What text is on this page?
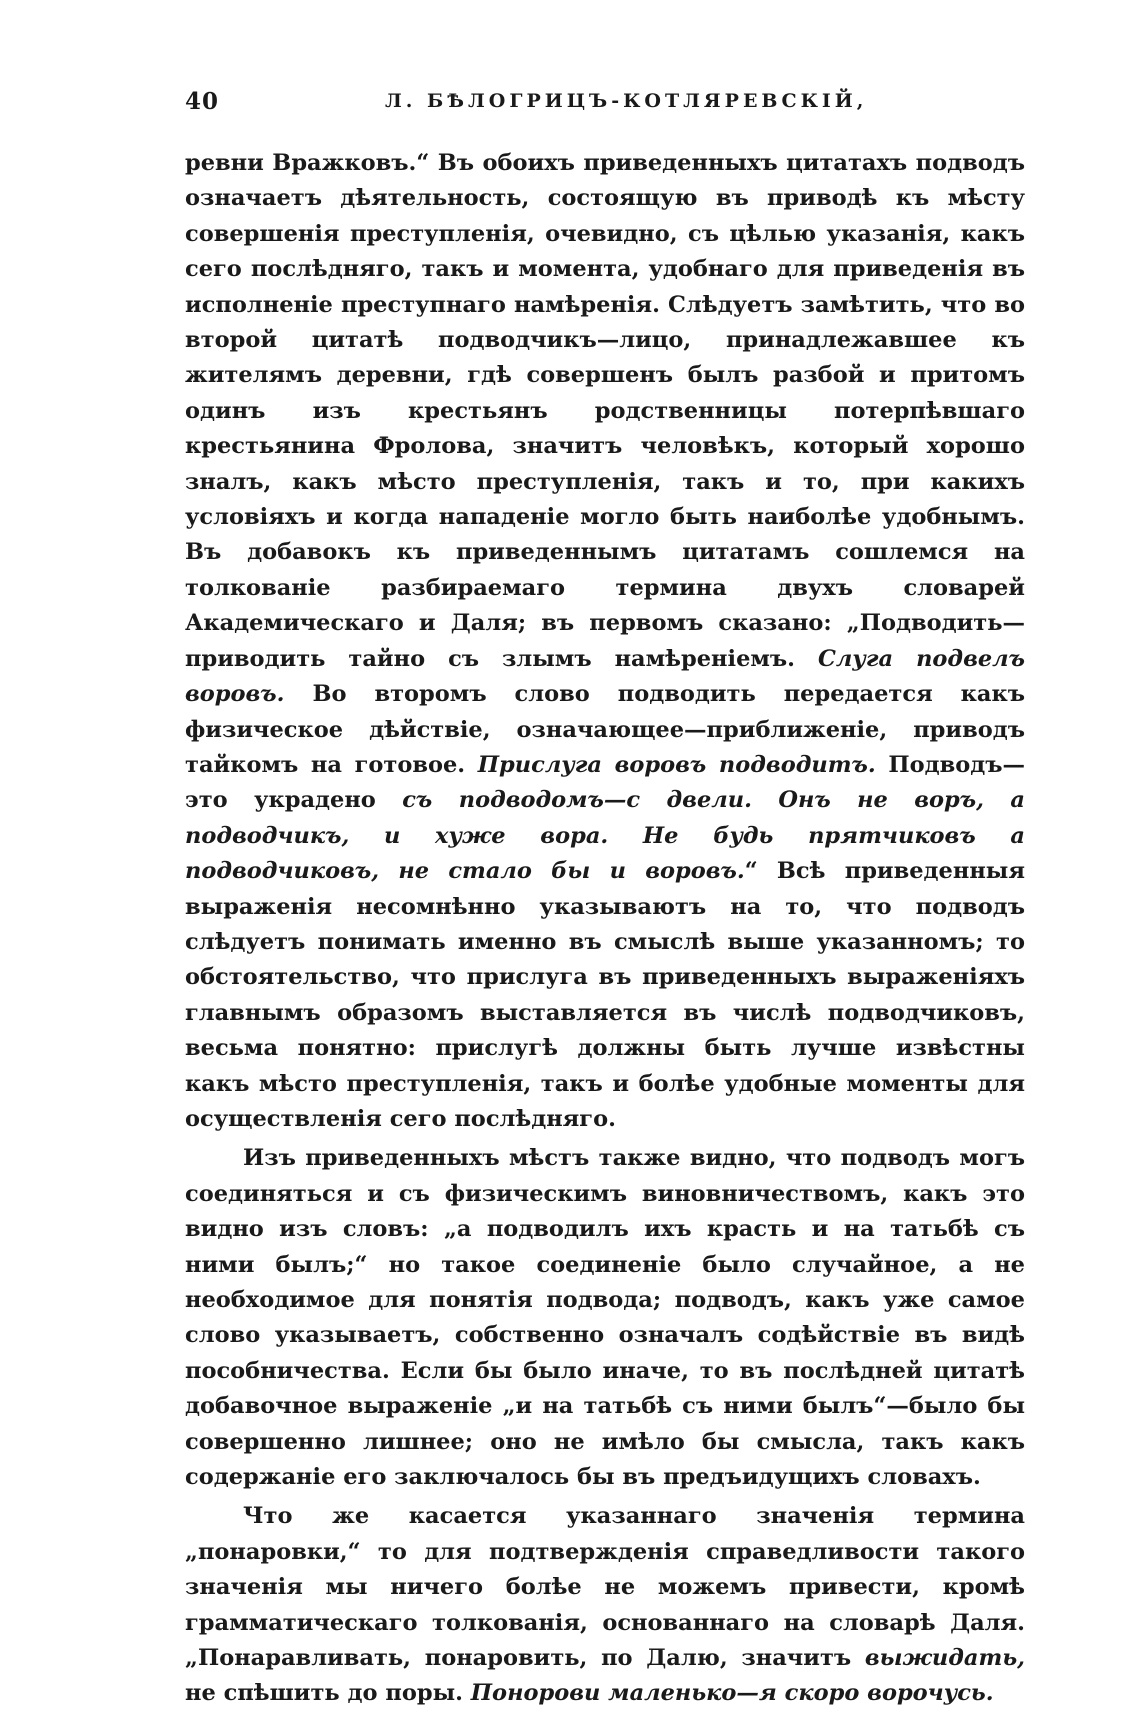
40	Л. БѢЛОГРИЦЪ-КОТЛЯРЕВСКІЙ,

ревни Вражковъ.“ Въ обоихъ приведенныхъ цитатахъ подводъ означаетъ дѣятельность, состоящую въ приводѣ къ мѣсту совершенія преступленія, очевидно, съ цѣлью указанія, какъ сего послѣдняго, такъ и момента, удобнаго для приведенія въ исполненіе преступнаго намѣренія. Слѣдуетъ замѣтить, что во второй цитатѣ подводчикъ—лицо, принадлежавшее къ жителямъ деревни, гдѣ совершенъ былъ разбой и притомъ одинъ изъ крестьянъ родственницы потерпѣвшаго крестьянина Фролова, значитъ человѣкъ, который хорошо зналъ, какъ мѣсто преступленія, такъ и то, при какихъ условіяхъ и когда нападеніе могло быть наиболѣе удобнымъ. Въ добавокъ къ приведеннымъ цитатамъ сошлемся на толкованіе разбираемаго термина двухъ словарей Академическаго и Даля; въ первомъ сказано: „Подводить—приводить тайно съ злымъ намѣреніемъ. Слуга подвелъ воровъ. Во второмъ слово подводить передается какъ физическое дѣйствіе, означающее—приближеніе, приводъ тайкомъ на готовое. Прислуга воровъ подводитъ. Подводъ—это украдено съ подводомъ—с двели. Онъ не воръ, а подводчикъ, и хуже вора. Не будь прятчиковъ а подводчиковъ, не стало бы и воровъ.“ Всѣ приведенныя выраженія несомнѣнно указываютъ на то, что подводъ слѣдуетъ понимать именно въ смыслѣ выше указанномъ; то обстоятельство, что прислуга въ приведенныхъ выраженіяхъ главнымъ образомъ выставляется въ числѣ подводчиковъ, весьма понятно: прислугѣ должны быть лучше извѣстны какъ мѣсто преступленія, такъ и болѣе удобные моменты для осуществленія сего послѣдняго.

Изъ приведенныхъ мѣстъ также видно, что подводъ могъ соединяться и съ физическимъ виновничествомъ, какъ это видно изъ словъ: „а подводилъ ихъ красть и на татьбѣ съ ними былъ;“ но такое соединеніе было случайное, а не необходимое для понятія подвода; подводъ, какъ уже самое слово указываетъ, собственно означалъ содѣйствіе въ видѣ пособничества. Если бы было иначе, то въ послѣдней цитатѣ добавочное выраженіе „и на татьбѣ съ ними былъ“—было бы совершенно лишнее; оно не имѣло бы смысла, такъ какъ содержаніе его заключалось бы въ предъидущихъ словахъ.

Что же касается указаннаго значенія термина „понаровки,“ то для подтвержденія справедливости такого значенія мы ничего болѣе не можемъ привести, кромѣ грамматическаго толкованія, основаннаго на словарѣ Даля. „Понаравливать, понаровить, по Далю, значитъ выжидать, не спѣшить до поры. Понорови маленько—я скоро ворочусь.
